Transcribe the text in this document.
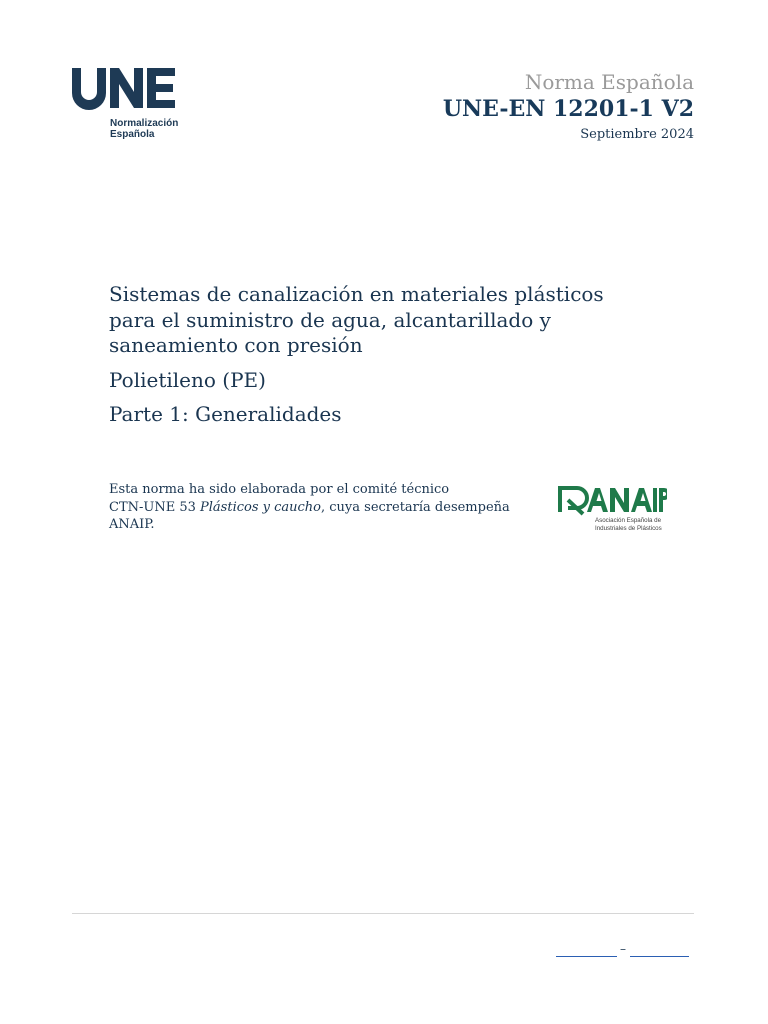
Normalización
Española
Norma Española
UNE-EN 12201-1 V2
Septiembre 2024

Sistemas de canalización en materiales plásticos para el suministro de agua, alcantarillado y saneamiento con presión

Polietileno (PE)

Parte 1: Generalidades

Esta norma ha sido elaborada por el comité técnico
CTN-UNE 53 Plásticos y caucho, cuya secretaría desempeña
ANAIP.	Asociación Española de
Industriales de Plásticos
–
